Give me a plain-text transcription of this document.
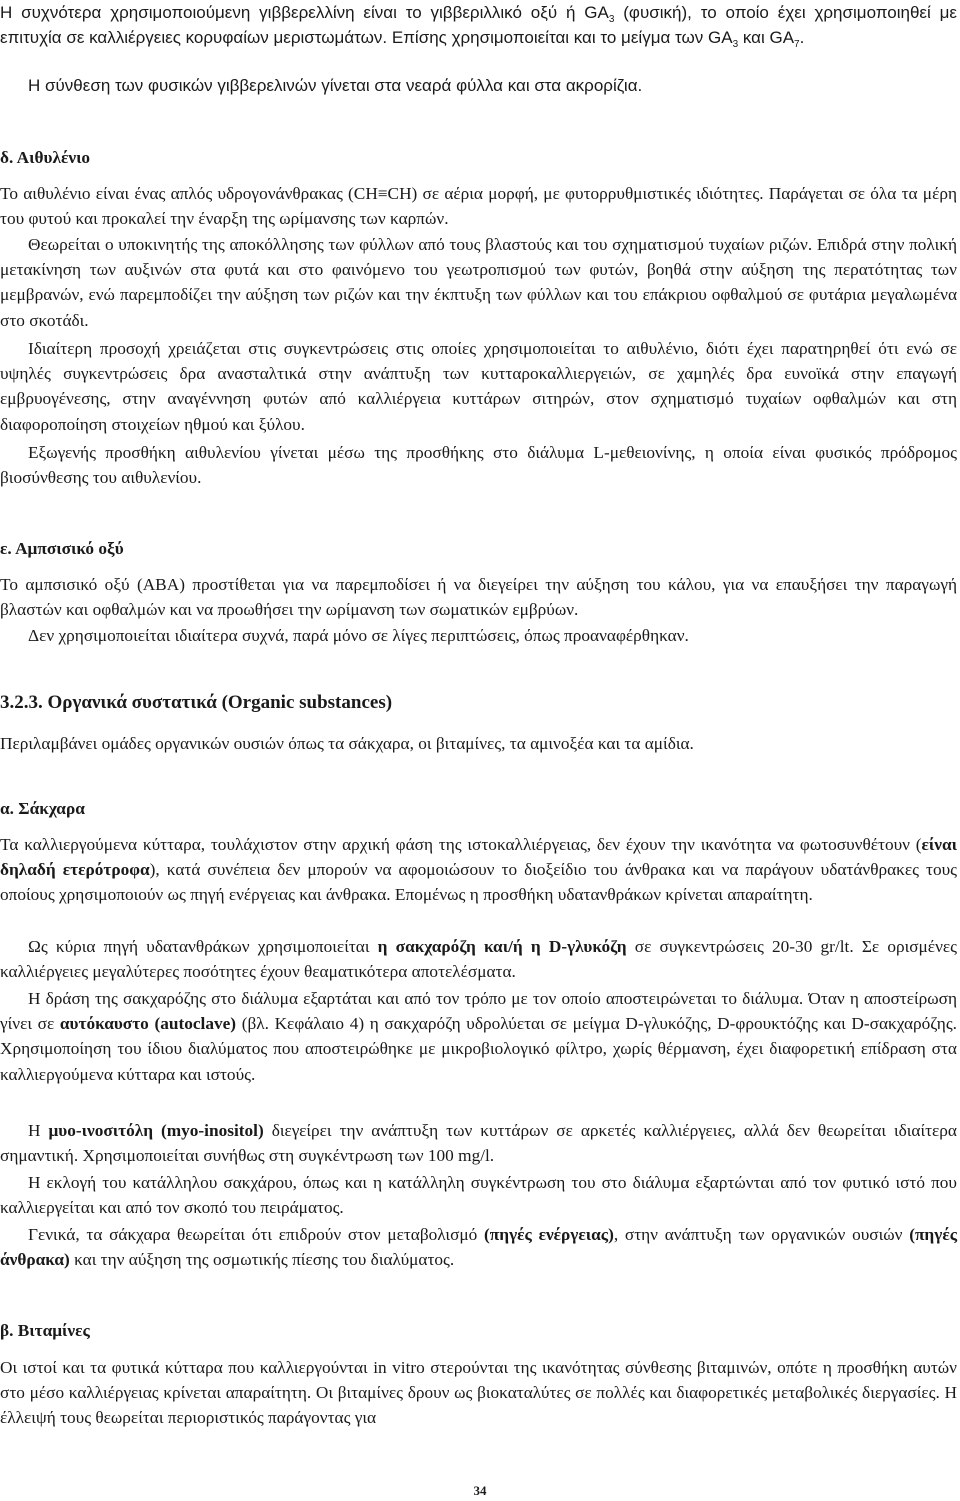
Η συχνότερα χρησιμοποιούμενη γιββερελλίνη είναι το γιββεριλλικό οξύ ή $GA_3$ (φυσική), το οποίο έχει χρησιμοποιηθεί με επιτυχία σε καλλιέργειες κορυφαίων μεριστωμάτων. Επίσης χρησιμοποιείται και το μείγμα των $GA_3$ και $GA_7$.

Η σύνθεση των φυσικών γιββερελινών γίνεται στα νεαρά φύλλα και στα ακρορίζια.

δ. Αιθυλένιο

Το αιθυλένιο είναι ένας απλός υδρογονάνθρακας (CH≡CH) σε αέρια μορφή, με φυτορρυθμιστικές ιδιότητες. Παράγεται σε όλα τα μέρη του φυτού και προκαλεί την έναρξη της ωρίμανσης των καρπών.

Θεωρείται ο υποκινητής της αποκόλλησης των φύλλων από τους βλαστούς και του σχηματισμού τυχαίων ριζών. Επιδρά στην πολική μετακίνηση των αυξινών στα φυτά και στο φαινόμενο του γεωτροπισμού των φυτών, βοηθά στην αύξηση της περατότητας των μεμβρανών, ενώ παρεμποδίζει την αύξηση των ριζών και την έκπτυξη των φύλλων και του επάκριου οφθαλμού σε φυτάρια μεγαλωμένα στο σκοτάδι.

Ιδιαίτερη προσοχή χρειάζεται στις συγκεντρώσεις στις οποίες χρησιμοποιείται το αιθυλένιο, διότι έχει παρατηρηθεί ότι ενώ σε υψηλές συγκεντρώσεις δρα ανασταλτικά στην ανάπτυξη των κυτταροκαλλιεργειών, σε χαμηλές δρα ευνοϊκά στην επαγωγή εμβρυογένεσης, στην αναγέννηση φυτών από καλλιέργεια κυττάρων σιτηρών, στον σχηματισμό τυχαίων οφθαλμών και στη διαφοροποίηση στοιχείων ηθμού και ξύλου.

Εξωγενής προσθήκη αιθυλενίου γίνεται μέσω της προσθήκης στο διάλυμα L-μεθειονίνης, η οποία είναι φυσικός πρόδρομος βιοσύνθεσης του αιθυλενίου.

ε. Αμπσισικό οξύ

Το αμπσισικό οξύ (ABA) προστίθεται για να παρεμποδίσει ή να διεγείρει την αύξηση του κάλου, για να επαυξήσει την παραγωγή βλαστών και οφθαλμών και να προωθήσει την ωρίμανση των σωματικών εμβρύων.

Δεν χρησιμοποιείται ιδιαίτερα συχνά, παρά μόνο σε λίγες περιπτώσεις, όπως προαναφέρθηκαν.

3.2.3. Οργανικά συστατικά (Organic substances)

Περιλαμβάνει ομάδες οργανικών ουσιών όπως τα σάκχαρα, οι βιταμίνες, τα αμινοξέα και τα αμίδια.

α. Σάκχαρα

Τα καλλιεργούμενα κύτταρα, τουλάχιστον στην αρχική φάση της ιστοκαλλιέργειας, δεν έχουν την ικανότητα να φωτοσυνθέτουν (είναι δηλαδή ετερότροφα), κατά συνέπεια δεν μπορούν να αφομοιώσουν το διοξείδιο του άνθρακα και να παράγουν υδατάνθρακες τους οποίους χρησιμοποιούν ως πηγή ενέργειας και άνθρακα. Επομένως η προσθήκη υδατανθράκων κρίνεται απαραίτητη.

Ως κύρια πηγή υδατανθράκων χρησιμοποιείται η σακχαρόζη και/ή η D-γλυκόζη σε συγκεντρώσεις 20-30 gr/lt. Σε ορισμένες καλλιέργειες μεγαλύτερες ποσότητες έχουν θεαματικότερα αποτελέσματα.

Η δράση της σακχαρόζης στο διάλυμα εξαρτάται και από τον τρόπο με τον οποίο αποστειρώνεται το διάλυμα. Όταν η αποστείρωση γίνει σε αυτόκαυστο (autoclave) (βλ. Κεφάλαιο 4) η σακχαρόζη υδρολύεται σε μείγμα D-γλυκόζης, D-φρουκτόζης και D-σακχαρόζης. Χρησιμοποίηση του ίδιου διαλύματος που αποστειρώθηκε με μικροβιολογικό φίλτρο, χωρίς θέρμανση, έχει διαφορετική επίδραση στα καλλιεργούμενα κύτταρα και ιστούς.

Η μυο-ινοσιτόλη (myo-inositol) διεγείρει την ανάπτυξη των κυττάρων σε αρκετές καλλιέργειες, αλλά δεν θεωρείται ιδιαίτερα σημαντική. Χρησιμοποιείται συνήθως στη συγκέντρωση των 100 mg/l.

Η εκλογή του κατάλληλου σακχάρου, όπως και η κατάλληλη συγκέντρωση του στο διάλυμα εξαρτώνται από τον φυτικό ιστό που καλλιεργείται και από τον σκοπό του πειράματος.

Γενικά, τα σάκχαρα θεωρείται ότι επιδρούν στον μεταβολισμό (πηγές ενέργειας), στην ανάπτυξη των οργανικών ουσιών (πηγές άνθρακα) και την αύξηση της οσμωτικής πίεσης του διαλύματος.

β. Βιταμίνες

Οι ιστοί και τα φυτικά κύτταρα που καλλιεργούνται in vitro στερούνται της ικανότητας σύνθεσης βιταμινών, οπότε η προσθήκη αυτών στο μέσο καλλιέργειας κρίνεται απαραίτητη. Οι βιταμίνες δρουν ως βιοκαταλύτες σε πολλές και διαφορετικές μεταβολικές διεργασίες. Η έλλειψή τους θεωρείται περιοριστικός παράγοντας για

34
